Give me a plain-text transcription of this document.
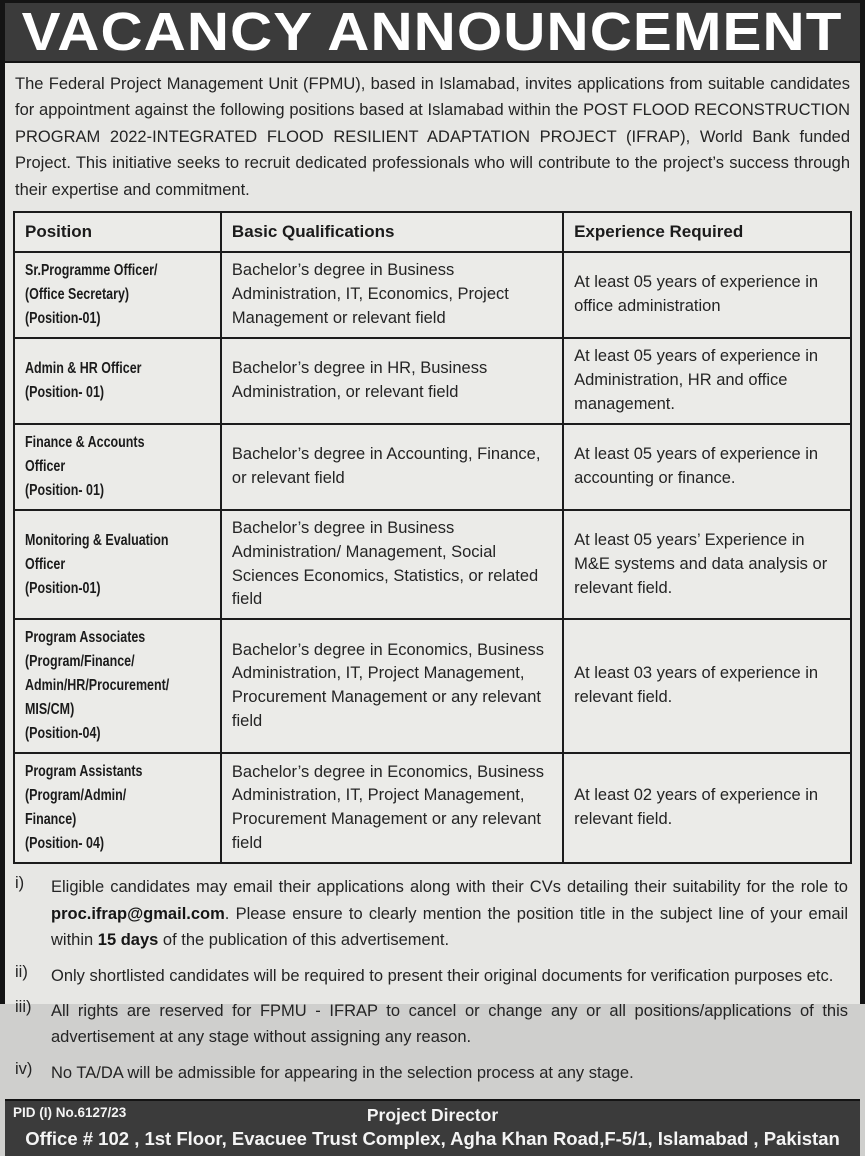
VACANCY ANNOUNCEMENT

The Federal Project Management Unit (FPMU), based in Islamabad, invites applications from suitable candidates for appointment against the following positions based at Islamabad within the POST FLOOD RECONSTRUCTION PROGRAM 2022-INTEGRATED FLOOD RESILIENT ADAPTATION PROJECT (IFRAP), World Bank funded Project. This initiative seeks to recruit dedicated professionals who will contribute to the project’s success through their expertise and commitment.

Position	Basic Qualifications	Experience Required

Sr.Programme Officer/
(Office Secretary)
(Position-01)	Bachelor’s degree in Business Administration, IT, Economics, Project Management or relevant field	At least 05 years of experience in office administration

Admin & HR Officer
(Position- 01)	Bachelor’s degree in HR, Business Administration, or relevant field	At least 05 years of experience in Administration, HR and office management.

Finance & Accounts
Officer
(Position- 01)	Bachelor’s degree in Accounting, Finance, or relevant field	At least 05 years of experience in accounting or finance.

Monitoring & Evaluation
Officer
(Position-01)	Bachelor’s degree in Business Administration/ Management, Social Sciences Economics, Statistics, or related field	At least 05 years’ Experience in M&E systems and data analysis or relevant field.

Program Associates
(Program/Finance/
Admin/HR/Procurement/
MIS/CM)
(Position-04)	Bachelor’s degree in Economics, Business Administration, IT, Project Management, Procurement Management or any relevant field	At least 03 years of experience in relevant field.

Program Assistants
(Program/Admin/
Finance)
(Position- 04)	Bachelor’s degree in Economics, Business Administration, IT, Project Management, Procurement Management or any relevant field	At least 02 years of experience in relevant field.
i)	Eligible candidates may email their applications along with their CVs detailing their suitability for the role to proc.ifrap@gmail.com. Please ensure to clearly mention the position title in the subject line of your email within 15 days of the publication of this advertisement.
ii)	Only shortlisted candidates will be required to present their original documents for verification purposes etc.
iii)	All rights are reserved for FPMU - IFRAP to cancel or change any or all positions/applications of this advertisement at any stage without assigning any reason.
iv)	No TA/DA will be admissible for appearing in the selection process at any stage.
PID (I) No.6127/23	Project Director
Office # 102 , 1st Floor, Evacuee Trust Complex, Agha Khan Road,F-5/1, Islamabad , Pakistan
